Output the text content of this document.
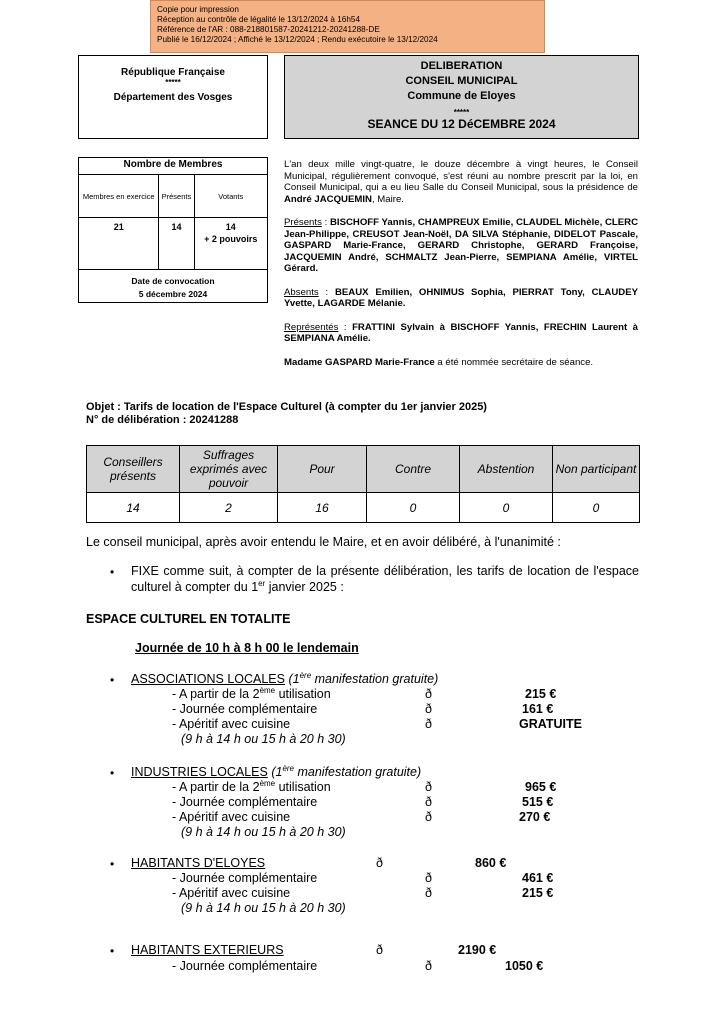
Copie pour impression
Réception au contrôle de légalité le 13/12/2024 à 16h54
Référence de l'AR : 088-218801587-20241212-20241288-DE
Publié le 16/12/2024 ; Affiché le 13/12/2024 ; Rendu exécutoire le 13/12/2024
République Française
*****
Département des Vosges
DELIBERATION
CONSEIL MUNICIPAL
Commune de Eloyes
*****
SEANCE DU 12 DéCEMBRE 2024
Nombre de Membres		
Membres en exercice	Présents	Votants
21	14	14
+ 2 pouvoirs
Date de convocation
5 décembre 2024

L'an deux mille vingt-quatre, le douze décembre à vingt heures, le Conseil Municipal, régulièrement convoqué, s'est réuni au nombre prescrit par la loi, en Conseil Municipal, qui a eu lieu Salle du Conseil Municipal, sous la présidence de André JACQUEMIN, Maire.

Présents : BISCHOFF Yannis, CHAMPREUX Emilie, CLAUDEL Michèle, CLERC Jean-Philippe, CREUSOT Jean-Noël, DA SILVA Stéphanie, DIDELOT Pascale, GASPARD Marie-France, GERARD Christophe, GERARD Françoise, JACQUEMIN André, SCHMALTZ Jean-Pierre, SEMPIANA Amélie, VIRTEL Gérard.

Absents : BEAUX Emilien, OHNIMUS Sophia, PIERRAT Tony, CLAUDEY Yvette, LAGARDE Mélanie.

Représentés : FRATTINI Sylvain à BISCHOFF Yannis, FRECHIN Laurent à SEMPIANA Amélie.

Madame GASPARD Marie-France a été nommée secrétaire de séance.

Objet : Tarifs de location de l'Espace Culturel (à compter du 1er janvier 2025)
N° de délibération : 20241288
Conseillers présents	Suffrages exprimés avec pouvoir	Pour	Contre	Abstention	Non participant
14	2	16	0	0	0
Le conseil municipal, après avoir entendu le Maire, et en avoir délibéré, à l'unanimité :
• FIXE comme suit, à compter de la présente délibération, les tarifs de location de l'espace culturel à compter du 1er janvier 2025 :
ESPACE CULTUREL EN TOTALITE
Journée de 10 h à 8 h 00 le lendemain
• ASSOCIATIONS LOCALES (1ère manifestation gratuite)
- A partir de la 2ème utilisation	ð	215 €
- Journée complémentaire	ð	161 €
- Apéritif avec cuisine	ð	GRATUITE
(9 h à 14 h ou 15 h à 20 h 30)
• INDUSTRIES LOCALES (1ère manifestation gratuite)
- A partir de la 2ème utilisation	ð	965 €
- Journée complémentaire	ð	515 €
- Apéritif avec cuisine	ð	270 €
(9 h à 14 h ou 15 h à 20 h 30)
• HABITANTS D'ELOYES	ð	860 €
- Journée complémentaire	ð	461 €
- Apéritif avec cuisine	ð	215 €
(9 h à 14 h ou 15 h à 20 h 30)
• HABITANTS EXTERIEURS	ð	2190 €
- Journée complémentaire	ð	1050 €
